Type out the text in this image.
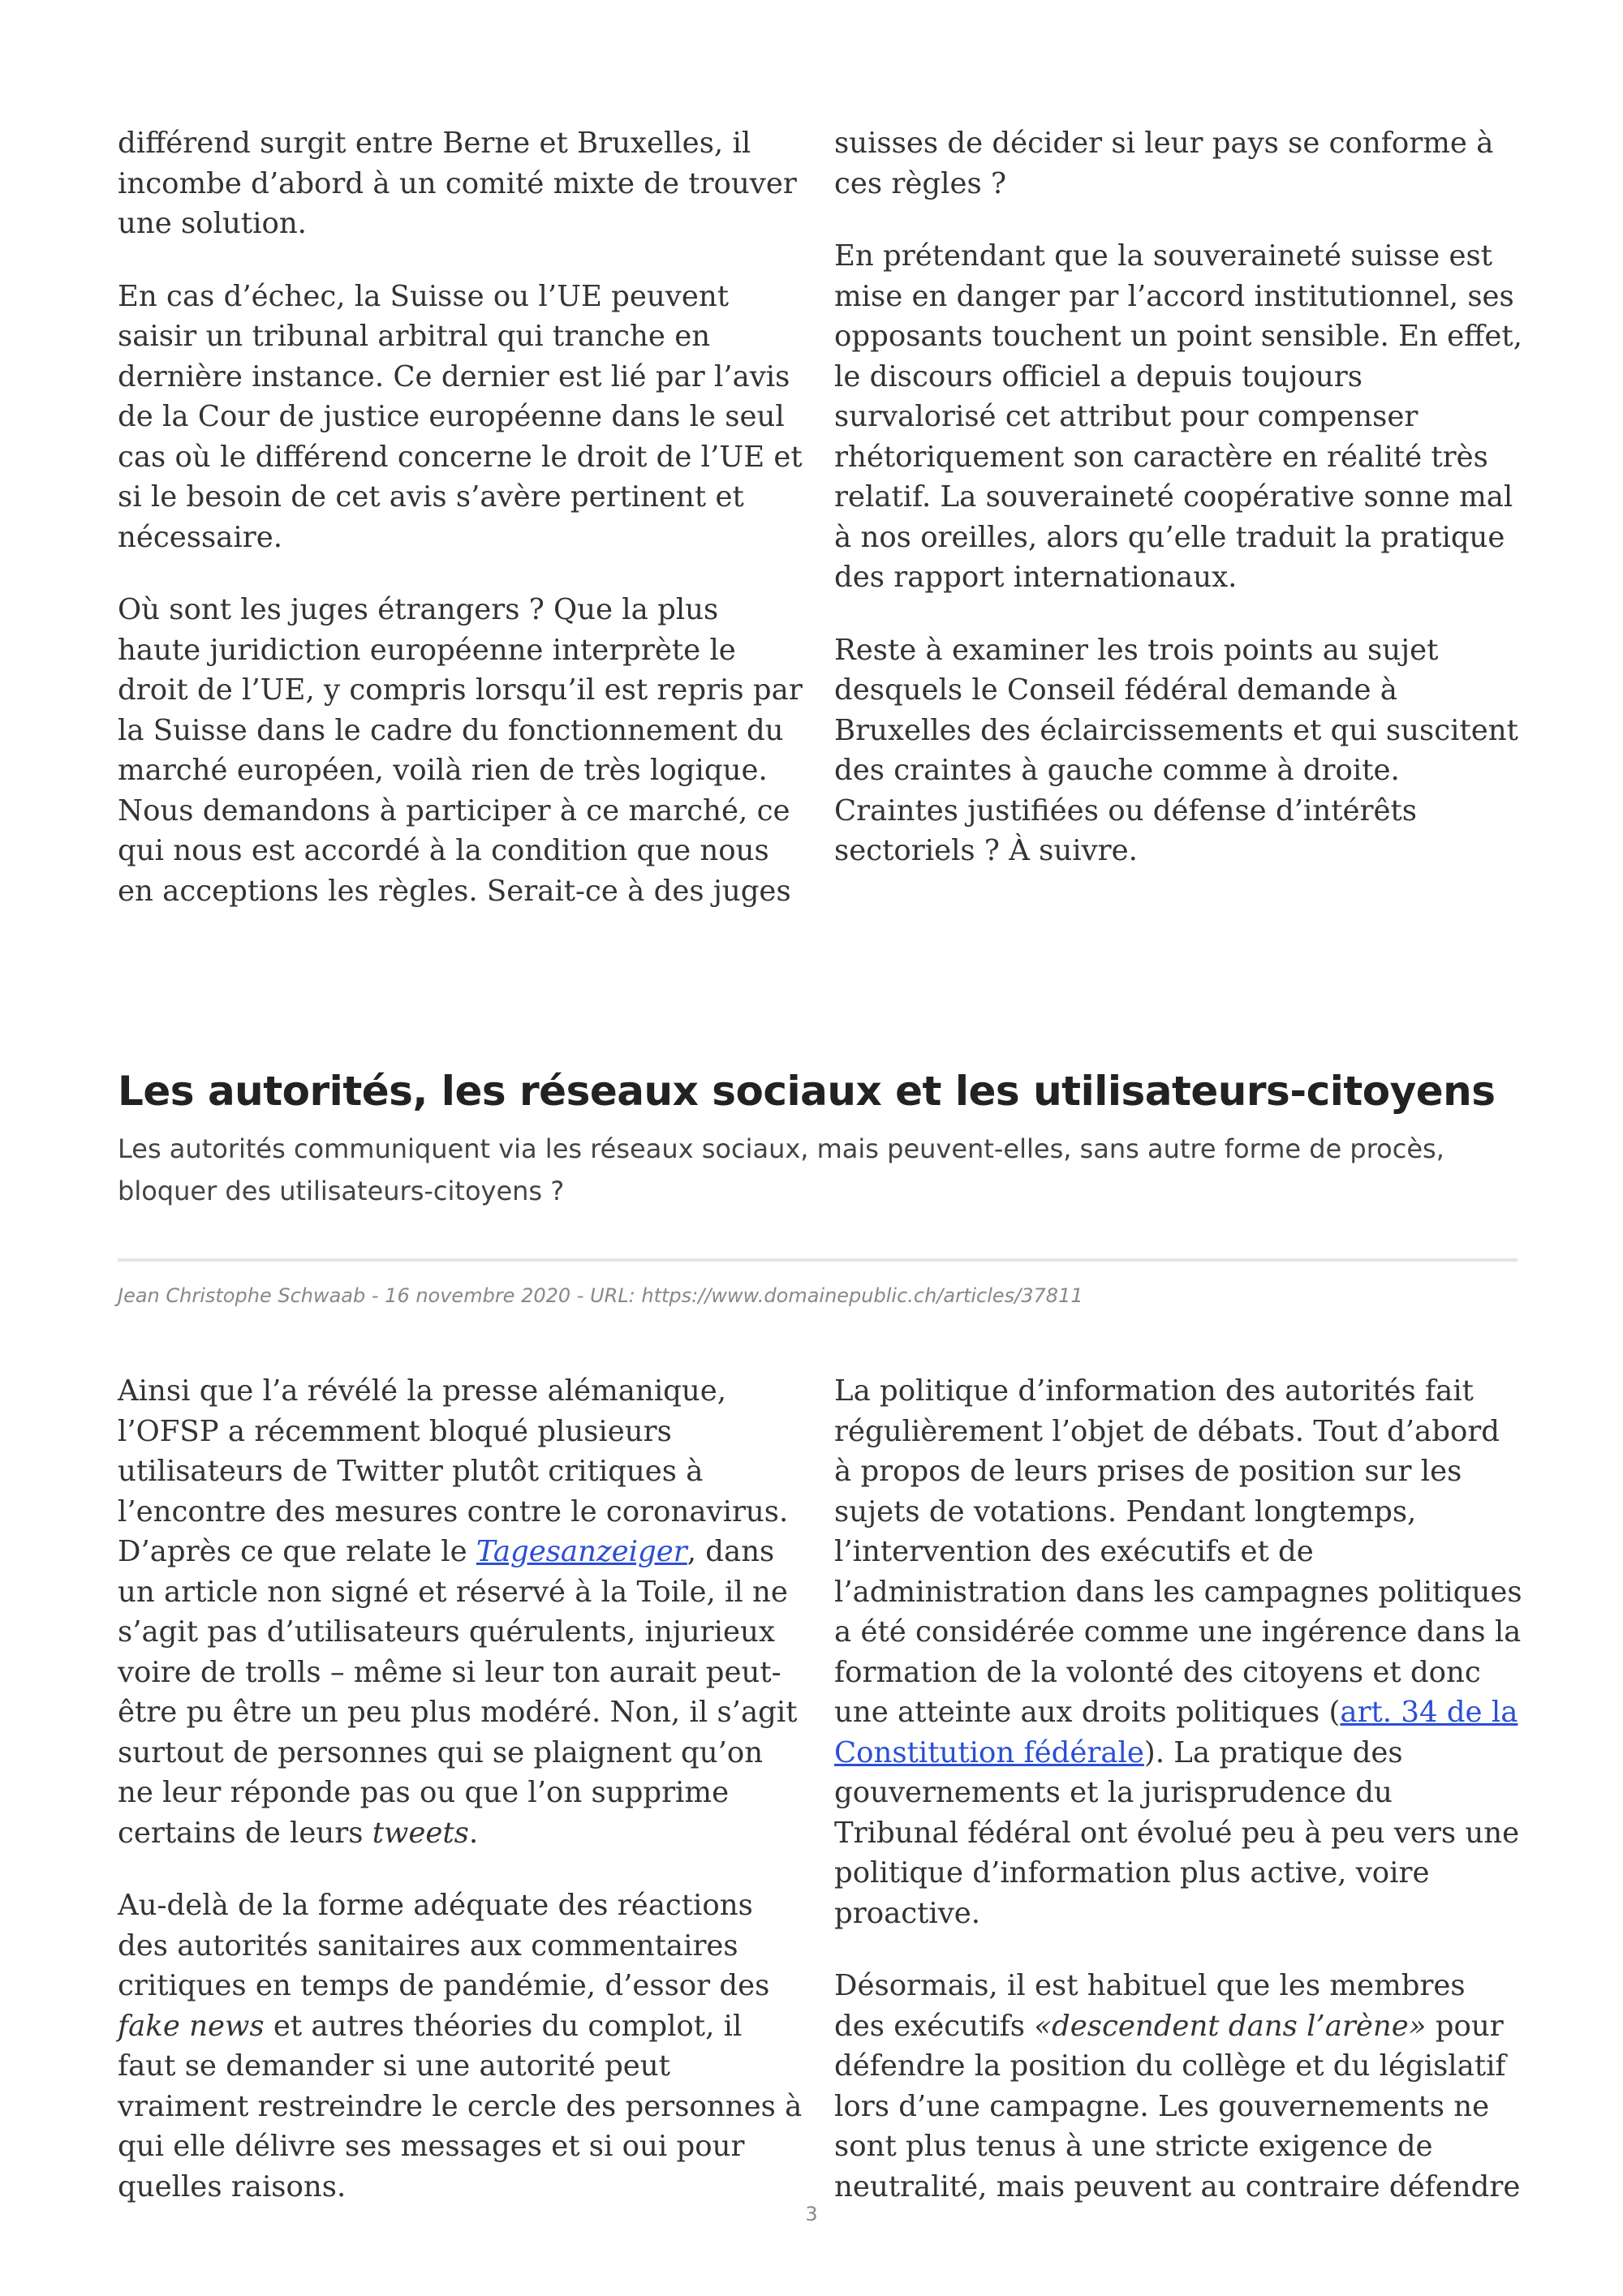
différend surgit entre Berne et Bruxelles, il incombe d’abord à un comité mixte de trouver une solution.

En cas d’échec, la Suisse ou l’UE peuvent saisir un tribunal arbitral qui tranche en dernière instance. Ce dernier est lié par l’avis de la Cour de justice européenne dans le seul cas où le différend concerne le droit de l’UE et si le besoin de cet avis s’avère pertinent et nécessaire.

Où sont les juges étrangers ? Que la plus haute juridiction européenne interprète le droit de l’UE, y compris lorsqu’il est repris par la Suisse dans le cadre du fonctionnement du marché européen, voilà rien de très logique. Nous demandons à participer à ce marché, ce qui nous est accordé à la condition que nous en acceptions les règles. Serait-ce à des juges

suisses de décider si leur pays se conforme à ces règles ?

En prétendant que la souveraineté suisse est mise en danger par l’accord institutionnel, ses opposants touchent un point sensible. En effet, le discours officiel a depuis toujours survalorisé cet attribut pour compenser rhétoriquement son caractère en réalité très relatif. La souveraineté coopérative sonne mal à nos oreilles, alors qu’elle traduit la pratique des rapport internationaux.

Reste à examiner les trois points au sujet desquels le Conseil fédéral demande à Bruxelles des éclaircissements et qui suscitent des craintes à gauche comme à droite. Craintes justifiées ou défense d’intérêts sectoriels ? À suivre.

Les autorités, les réseaux sociaux et les utilisateurs-citoyens

Les autorités communiquent via les réseaux sociaux, mais peuvent-elles, sans autre forme de procès, bloquer des utilisateurs-citoyens ?

Jean Christophe Schwaab - 16 novembre 2020 - URL: https://www.domainepublic.ch/articles/37811

Ainsi que l’a révélé la presse alémanique, l’OFSP a récemment bloqué plusieurs utilisateurs de Twitter plutôt critiques à l’encontre des mesures contre le coronavirus. D’après ce que relate le Tagesanzeiger, dans un article non signé et réservé à la Toile, il ne s’agit pas d’utilisateurs quérulents, injurieux voire de trolls – même si leur ton aurait peut-être pu être un peu plus modéré. Non, il s’agit surtout de personnes qui se plaignent qu’on ne leur réponde pas ou que l’on supprime certains de leurs tweets.

Au-delà de la forme adéquate des réactions des autorités sanitaires aux commentaires critiques en temps de pandémie, d’essor des fake news et autres théories du complot, il faut se demander si une autorité peut vraiment restreindre le cercle des personnes à qui elle délivre ses messages et si oui pour quelles raisons.

La politique d’information des autorités fait régulièrement l’objet de débats. Tout d’abord à propos de leurs prises de position sur les sujets de votations. Pendant longtemps, l’intervention des exécutifs et de l’administration dans les campagnes politiques a été considérée comme une ingérence dans la formation de la volonté des citoyens et donc une atteinte aux droits politiques (art. 34 de la Constitution fédérale). La pratique des gouvernements et la jurisprudence du Tribunal fédéral ont évolué peu à peu vers une politique d’information plus active, voire proactive.

Désormais, il est habituel que les membres des exécutifs «descendent dans l’arène» pour défendre la position du collège et du législatif lors d’une campagne. Les gouvernements ne sont plus tenus à une stricte exigence de neutralité, mais peuvent au contraire défendre

3
